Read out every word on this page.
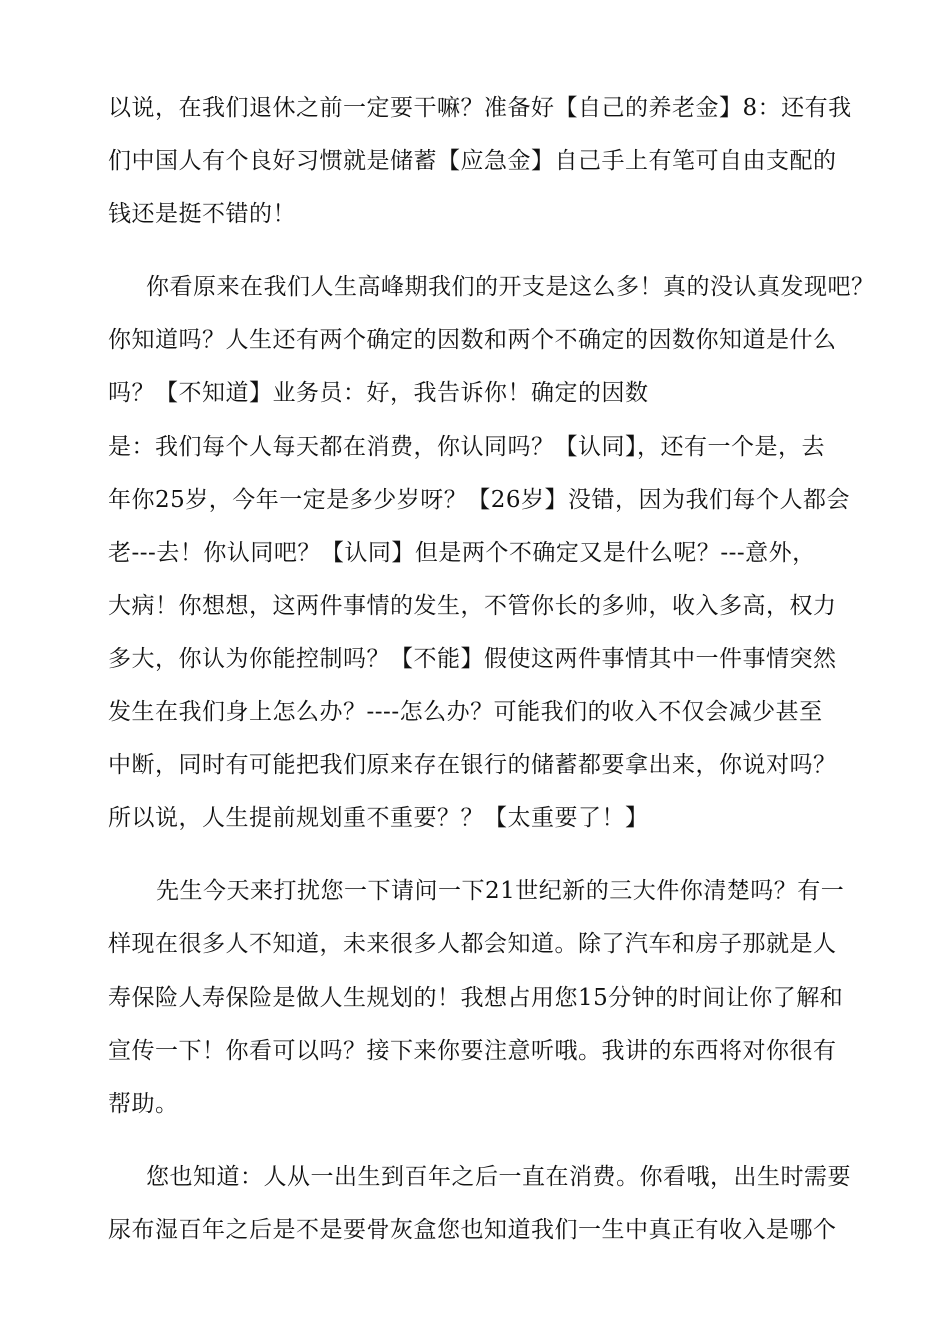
以说，在我们退休之前一定要干嘛？准备好【自己的养老金】8：还有我
们中国人有个良好习惯就是储蓄【应急金】自己手上有笔可自由支配的
钱还是挺不错的！
你看原来在我们人生高峰期我们的开支是这么多！真的没认真发现吧？
你知道吗？人生还有两个确定的因数和两个不确定的因数你知道是什么
吗？【不知道】业务员：好，我告诉你！确定的因数
是：我们每个人每天都在消费，你认同吗？【认同】，还有一个是，去
年你25岁，今年一定是多少岁呀？【26岁】没错，因为我们每个人都会
老---去！你认同吧？【认同】但是两个不确定又是什么呢？---意外，
大病！你想想，这两件事情的发生，不管你长的多帅，收入多高，权力
多大，你认为你能控制吗？【不能】假使这两件事情其中一件事情突然
发生在我们身上怎么办？----怎么办？可能我们的收入不仅会减少甚至
中断，同时有可能把我们原来存在银行的储蓄都要拿出来，你说对吗？
所以说，人生提前规划重不重要？？【太重要了！】
先生今天来打扰您一下请问一下21世纪新的三大件你清楚吗？有一
样现在很多人不知道，未来很多人都会知道。除了汽车和房子那就是人
寿保险人寿保险是做人生规划的！我想占用您15分钟的时间让你了解和
宣传一下！你看可以吗？接下来你要注意听哦。我讲的东西将对你很有
帮助。
您也知道：人从一出生到百年之后一直在消费。你看哦，出生时需要
尿布湿百年之后是不是要骨灰盒您也知道我们一生中真正有收入是哪个
